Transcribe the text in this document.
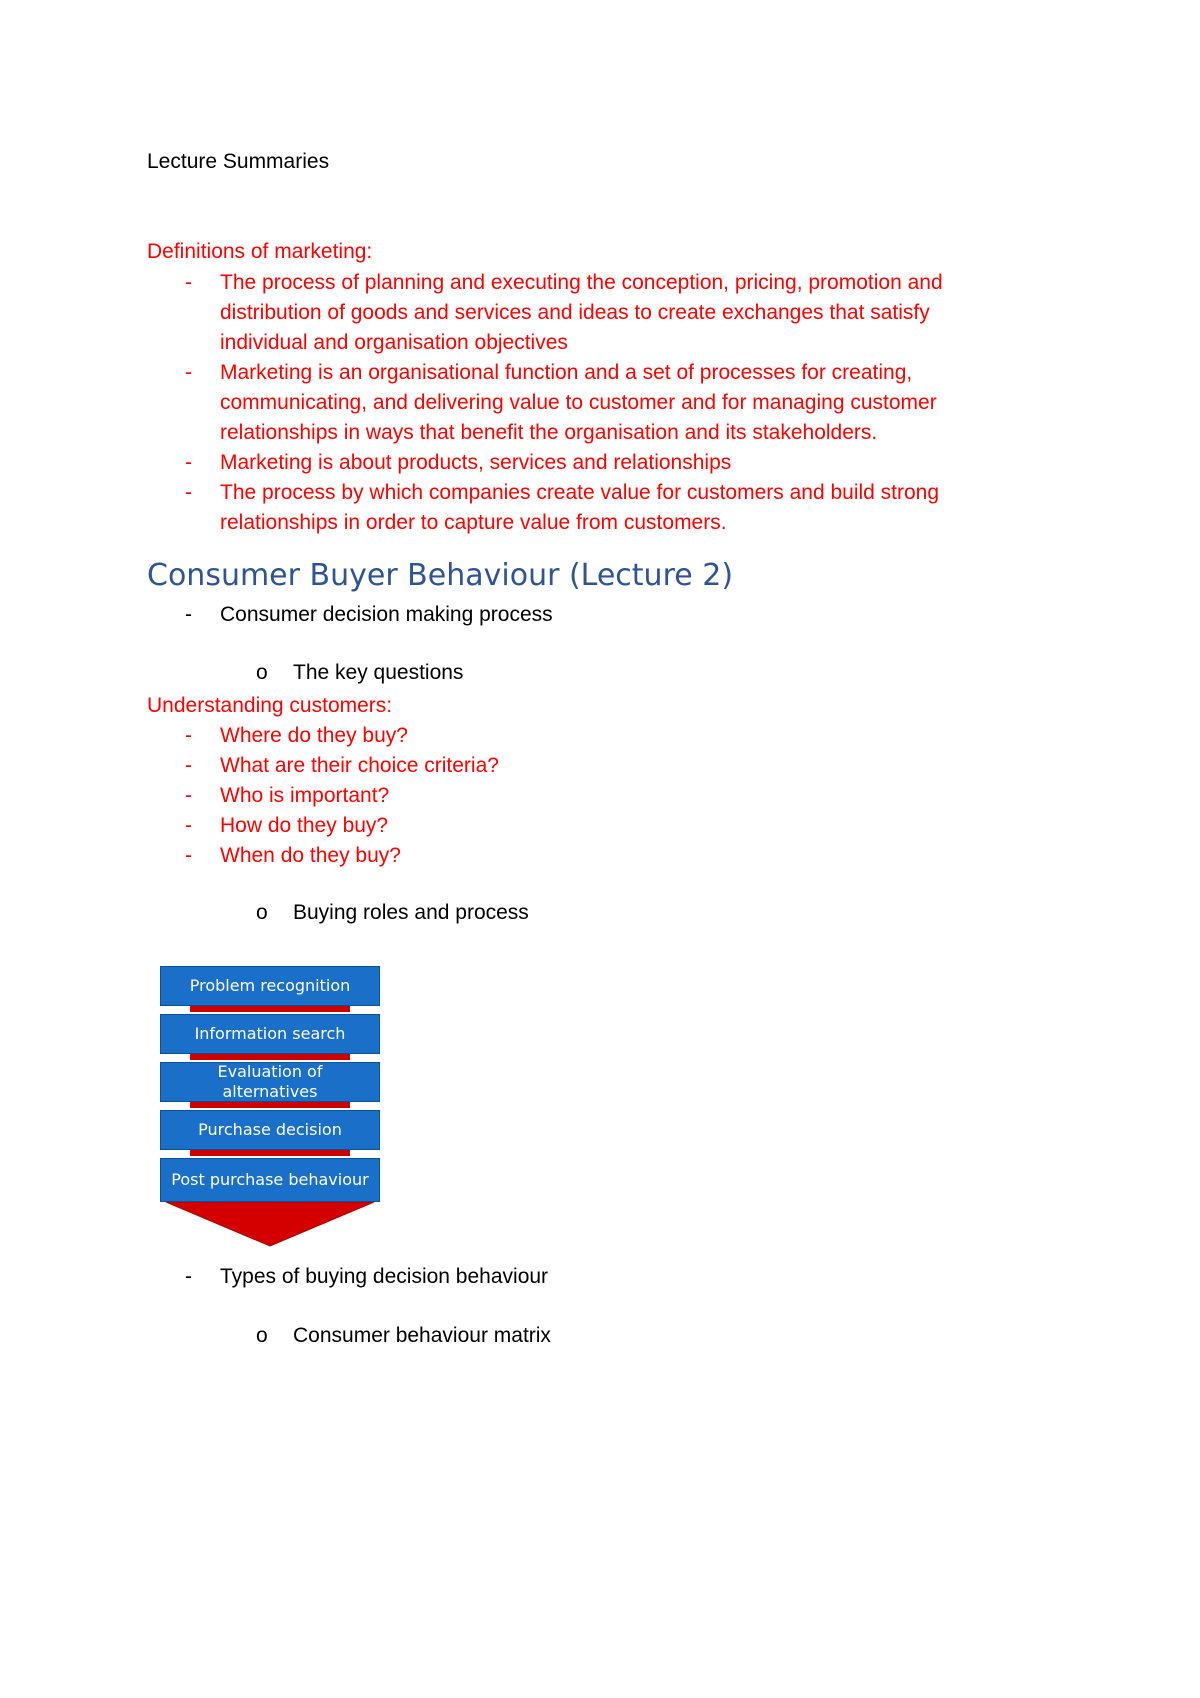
Lecture Summaries
Definitions of marketing:
- The process of planning and executing the conception, pricing, promotion and distribution of goods and services and ideas to create exchanges that satisfy individual and organisation objectives
- Marketing is an organisational function and a set of processes for creating, communicating, and delivering value to customer and for managing customer relationships in ways that benefit the organisation and its stakeholders.
- Marketing is about products, services and relationships
- The process by which companies create value for customers and build strong relationships in order to capture value from customers.
Consumer Buyer Behaviour (Lecture 2)
- Consumer decision making process
o The key questions
Understanding customers:
- Where do they buy?
- What are their choice criteria?
- Who is important?
- How do they buy?
- When do they buy?
o Buying roles and process
Problem recognition
Information search
Evaluation of alternatives
Purchase decision
Post purchase behaviour
- Types of buying decision behaviour
o Consumer behaviour matrix
